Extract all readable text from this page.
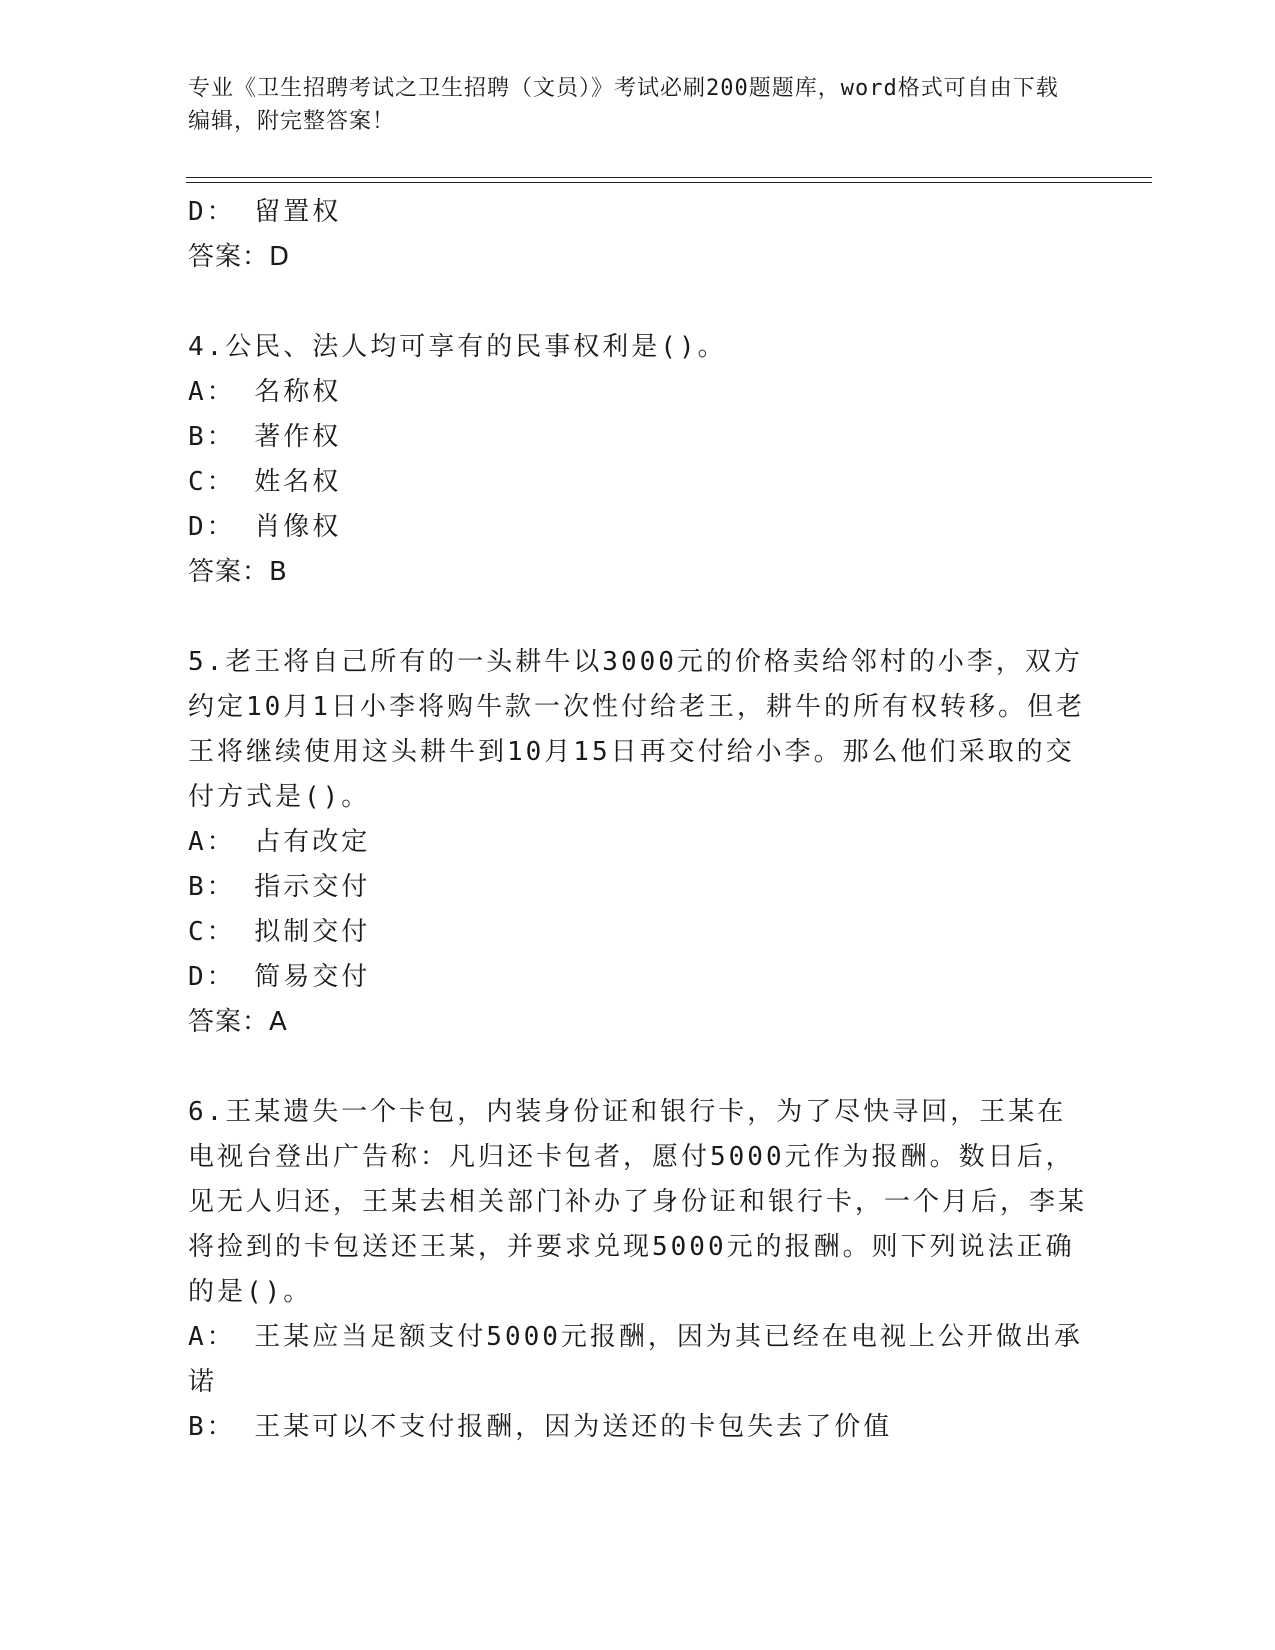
专业《卫生招聘考试之卫生招聘（文员）》考试必刷200题题库，word格式可自由下载编辑，附完整答案！
D： 留置权
答案：D
4.公民、法人均可享有的民事权利是()。
A： 名称权
B： 著作权
C： 姓名权
D： 肖像权
答案：B
5.老王将自己所有的一头耕牛以3000元的价格卖给邻村的小李，双方约定10月1日小李将购牛款一次性付给老王，耕牛的所有权转移。但老王将继续使用这头耕牛到10月15日再交付给小李。那么他们采取的交付方式是()。
A： 占有改定
B： 指示交付
C： 拟制交付
D： 简易交付
答案：A
6.王某遗失一个卡包，内装身份证和银行卡，为了尽快寻回，王某在电视台登出广告称：凡归还卡包者，愿付5000元作为报酬。数日后，见无人归还，王某去相关部门补办了身份证和银行卡，一个月后，李某将捡到的卡包送还王某，并要求兑现5000元的报酬。则下列说法正确的是()。
A： 王某应当足额支付5000元报酬，因为其已经在电视上公开做出承诺
B： 王某可以不支付报酬，因为送还的卡包失去了价值
